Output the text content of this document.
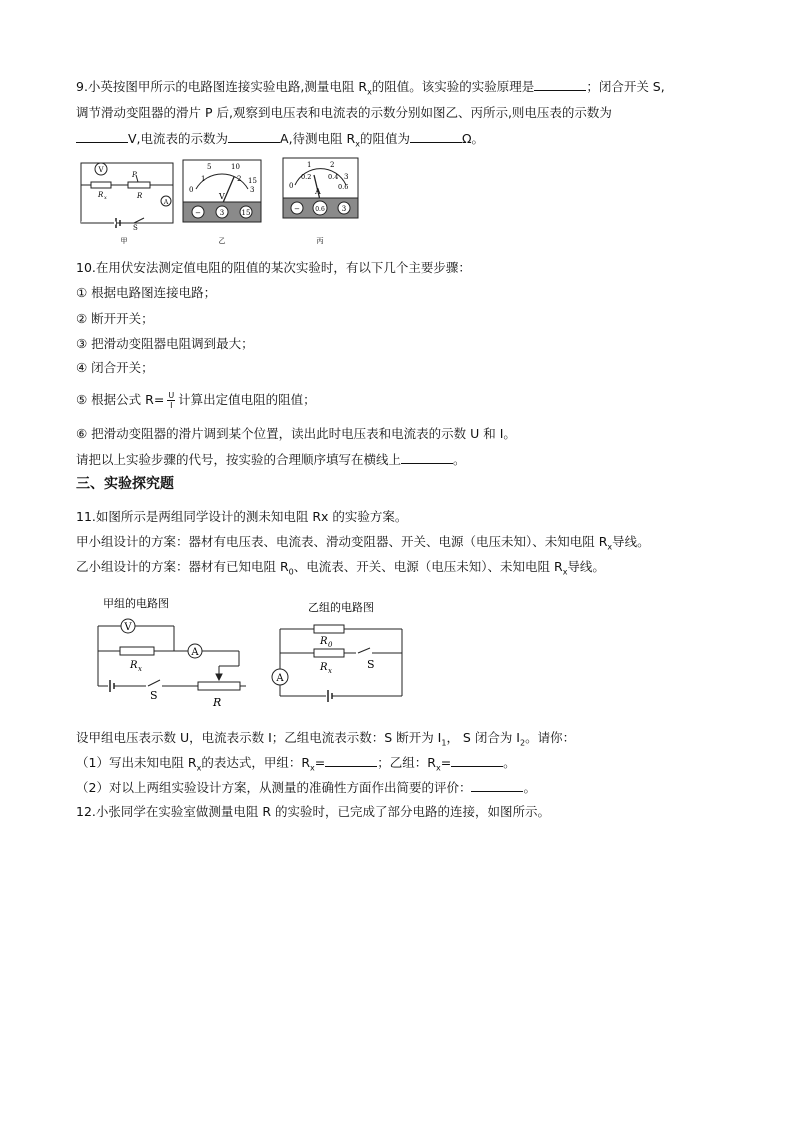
9.小英按图甲所示的电路图连接实验电路,测量电阻 $R_x$的阻值。该实验的实验原理是	；闭合开关 S,
调节滑动变阻器的滑片 P 后,观察到电压表和电流表的示数分别如图乙、丙所示,则电压表的示数为
V,电流表的示数为	A,待测电阻 $R_x$的阻值为	Ω。
V
A
R x
P
R
S
甲
5	10
0
1	2
3
15
V
−	3 15
乙
1	2
0
0.2	0.4
0.6
3
A
−	0.6 3
丙
10.在用伏安法测定值电阻的阻值的某次实验时，有以下几个主要步骤：
① 根据电路图连接电路；
② 断开开关；
③ 把滑动变阻器电阻调到最大；
④ 闭合开关；
⑤ 根据公式 $R= \frac{U}{I}$ 计算出定值电阻的阻值；
⑥ 把滑动变阻器的滑片调到某个位置，读出此时电压表和电流表的示数 U 和 I。
请把以上实验步骤的代号，按实验的合理顺序填写在横线上	。
三、实验探究题
11.如图所示是两组同学设计的测未知电阻 Rx 的实验方案。
甲小组设计的方案：器材有电压表、电流表、滑动变阻器、开关、电源（电压未知）、未知电阻 $R_x$导线。
乙小组设计的方案：器材有已知电阻 $R_0$、电流表、开关、电源（电压未知）、未知电阻 $R_x$导线。
甲组的电路图
V
A
R x
S
R
乙组的电路图
R 0
R x	S
A
设甲组电压表示数 U，电流表示数 I；乙组电流表示数：S 断开为 $I_1$， S 闭合为 $I_2$。请你：
（1）写出未知电阻 $R_x$的表达式，甲组：$R_x=$	；乙组：$R_x=$	。
（2）对以上两组实验设计方案，从测量的准确性方面作出简要的评价：	。
12.小张同学在实验室做测量电阻 R 的实验时，已完成了部分电路的连接，如图所示。
